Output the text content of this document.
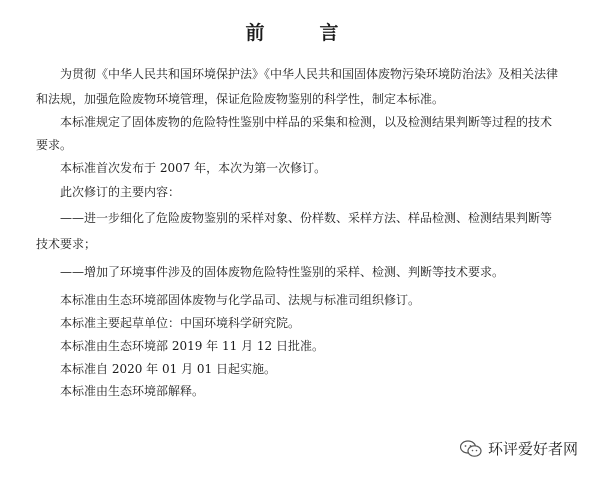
前　言

为贯彻《中华人民共和国环境保护法》《中华人民共和国固体废物污染环境防治法》及相关法律

和法规，加强危险废物环境管理，保证危险废物鉴别的科学性，制定本标准。

本标准规定了固体废物的危险特性鉴别中样品的采集和检测，以及检测结果判断等过程的技术

要求。

本标准首次发布于 2007 年，本次为第一次修订。

此次修订的主要内容：

——进一步细化了危险废物鉴别的采样对象、份样数、采样方法、样品检测、检测结果判断等

技术要求；

——增加了环境事件涉及的固体废物危险特性鉴别的采样、检测、判断等技术要求。

本标准由生态环境部固体废物与化学品司、法规与标准司组织修订。

本标准主要起草单位：中国环境科学研究院。

本标准由生态环境部 2019 年 11 月 12 日批准。

本标准自 2020 年 01 月 01 日起实施。

本标准由生态环境部解释。

环评爱好者网
